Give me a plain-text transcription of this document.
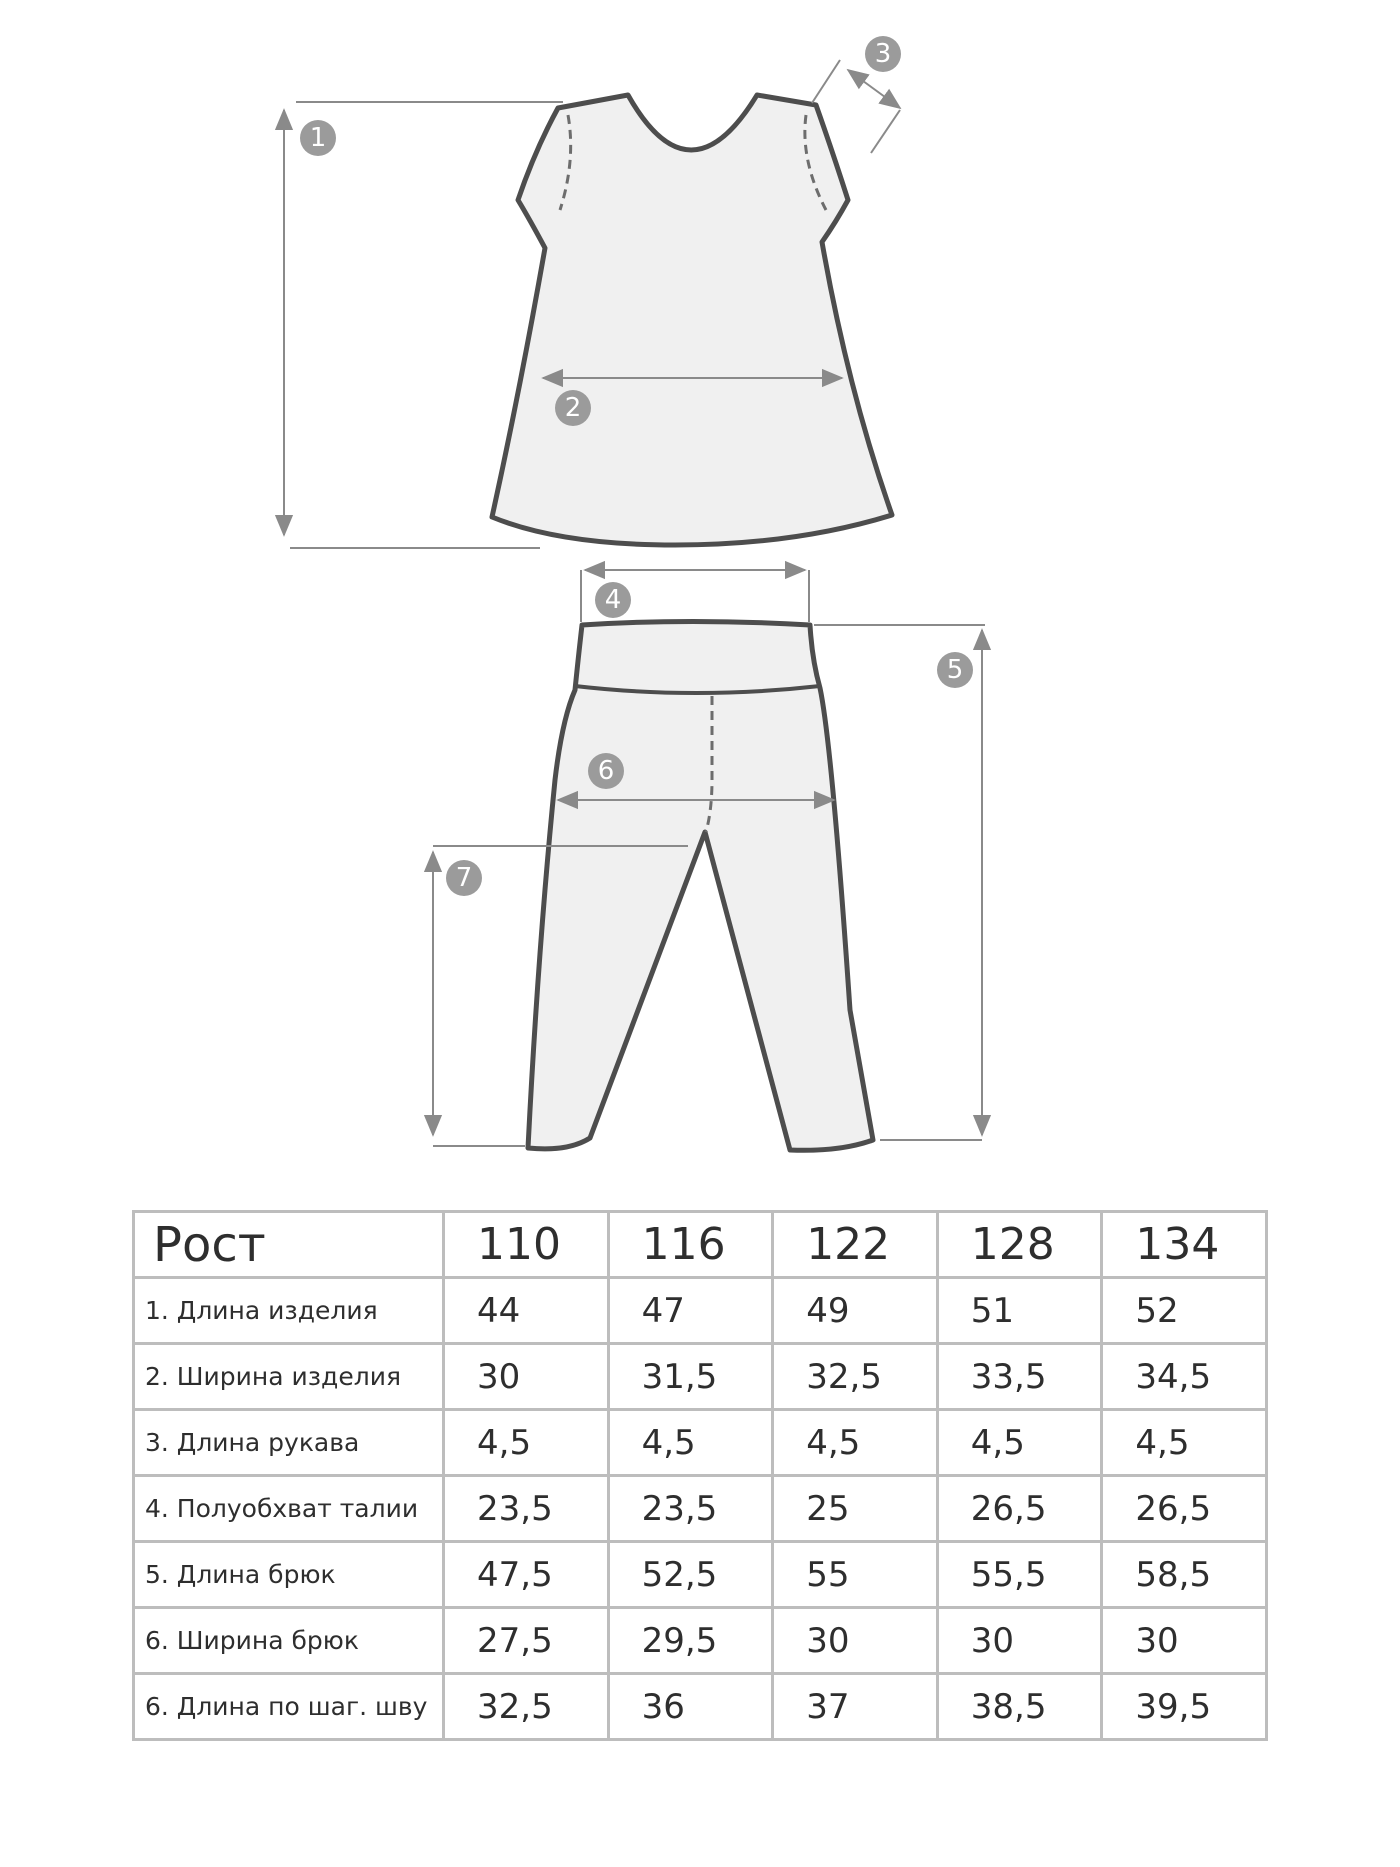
1
2
3
4
5
6
7
Рост	110	116	122	128	134
1. Длина изделия	44	47	49	51	52
2. Ширина изделия	30	31,5	32,5	33,5	34,5
3. Длина рукава	4,5	4,5	4,5	4,5	4,5
4. Полуобхват талии	23,5	23,5	25	26,5	26,5
5. Длина брюк	47,5	52,5	55	55,5	58,5
6. Ширина брюк	27,5	29,5	30	30	30
6. Длина по шаг. шву	32,5	36	37	38,5	39,5
